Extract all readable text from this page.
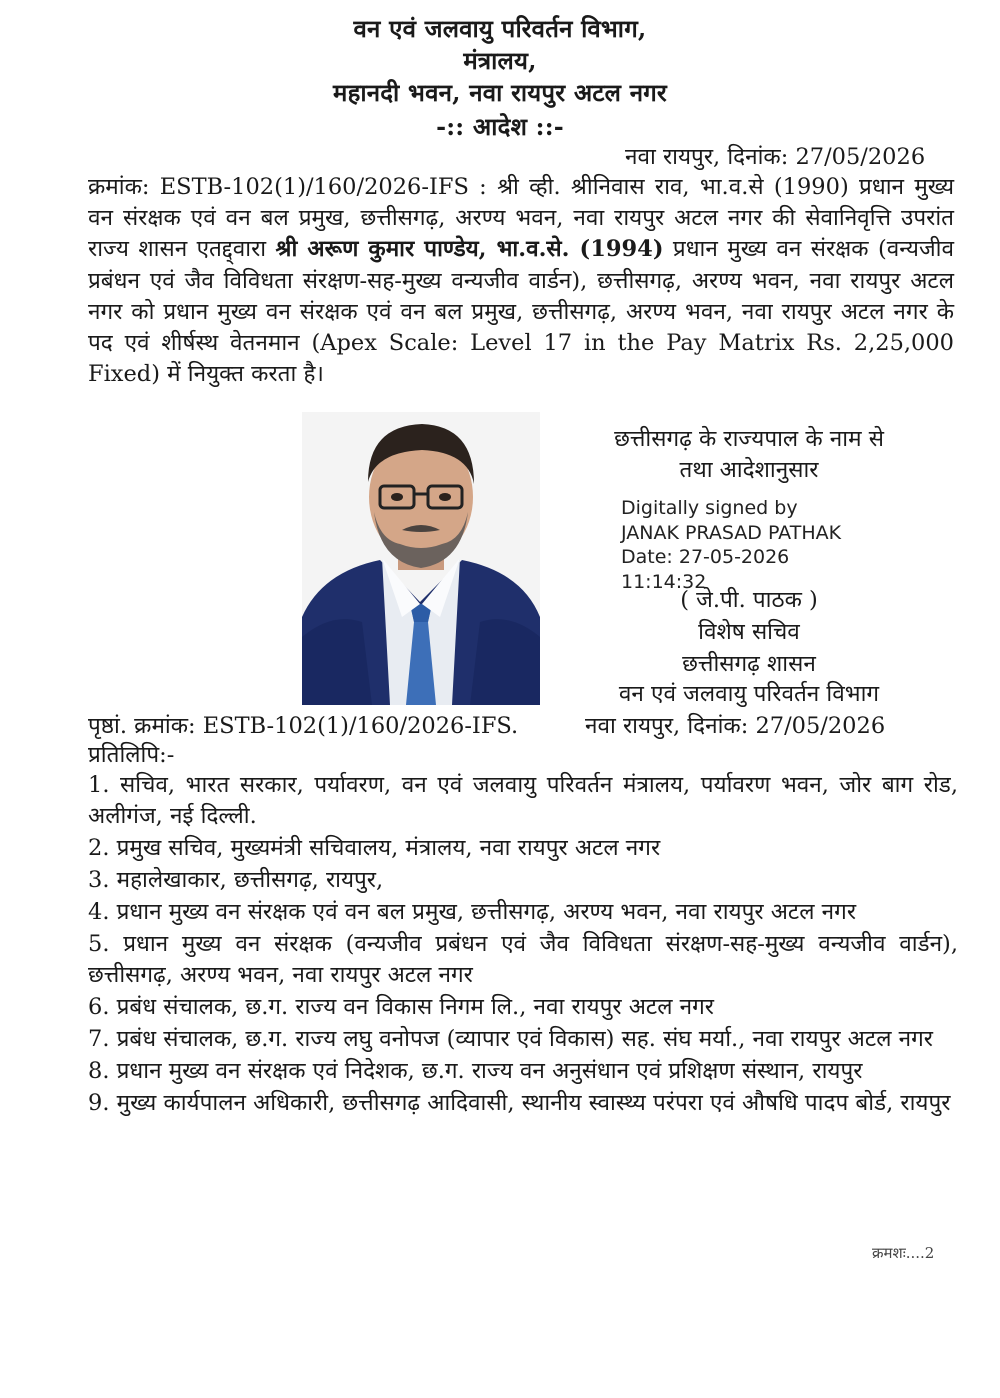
वन एवं जलवायु परिवर्तन विभाग,
मंत्रालय,
महानदी भवन, नवा रायपुर अटल नगर
-:: आदेश ::-
नवा रायपुर, दिनांक: 27/05/2026
क्रमांक: ESTB-102(1)/160/2026-IFS : श्री व्ही. श्रीनिवास राव, भा.व.से (1990) प्रधान मुख्य वन संरक्षक एवं वन बल प्रमुख, छत्तीसगढ़, अरण्य भवन, नवा रायपुर अटल नगर की सेवानिवृत्ति उपरांत राज्य शासन एतद्द्वारा श्री अरूण कुमार पाण्डेय, भा.व.से. (1994) प्रधान मुख्य वन संरक्षक (वन्यजीव प्रबंधन एवं जैव विविधता संरक्षण-सह-मुख्य वन्यजीव वार्डन), छत्तीसगढ़, अरण्य भवन, नवा रायपुर अटल नगर को प्रधान मुख्य वन संरक्षक एवं वन बल प्रमुख, छत्तीसगढ़, अरण्य भवन, नवा रायपुर अटल नगर के पद एवं शीर्षस्थ वेतनमान (Apex Scale: Level 17 in the Pay Matrix Rs. 2,25,000 Fixed) में नियुक्त करता है।
छत्तीसगढ़ के राज्यपाल के नाम से
तथा आदेशानुसार
Digitally signed by
JANAK PRASAD PATHAK
Date: 27-05-2026
11:14:32
( जे.पी. पाठक )
विशेष सचिव
छत्तीसगढ़ शासन
वन एवं जलवायु परिवर्तन विभाग
पृष्ठां. क्रमांक: ESTB-102(1)/160/2026-IFS.	नवा रायपुर, दिनांक: 27/05/2026
प्रतिलिपि:-
1. सचिव, भारत सरकार, पर्यावरण, वन एवं जलवायु परिवर्तन मंत्रालय, पर्यावरण भवन, जोर बाग रोड, अलीगंज, नई दिल्ली.
2. प्रमुख सचिव, मुख्यमंत्री सचिवालय, मंत्रालय, नवा रायपुर अटल नगर
3. महालेखाकार, छत्तीसगढ़, रायपुर,
4. प्रधान मुख्य वन संरक्षक एवं वन बल प्रमुख, छत्तीसगढ़, अरण्य भवन, नवा रायपुर अटल नगर
5. प्रधान मुख्य वन संरक्षक (वन्यजीव प्रबंधन एवं जैव विविधता संरक्षण-सह-मुख्य वन्यजीव वार्डन), छत्तीसगढ़, अरण्य भवन, नवा रायपुर अटल नगर
6. प्रबंध संचालक, छ.ग. राज्य वन विकास निगम लि., नवा रायपुर अटल नगर
7. प्रबंध संचालक, छ.ग. राज्य लघु वनोपज (व्यापार एवं विकास) सह. संघ मर्या., नवा रायपुर अटल नगर
8. प्रधान मुख्य वन संरक्षक एवं निदेशक, छ.ग. राज्य वन अनुसंधान एवं प्रशिक्षण संस्थान, रायपुर
9. मुख्य कार्यपालन अधिकारी, छत्तीसगढ़ आदिवासी, स्थानीय स्वास्थ्य परंपरा एवं औषधि पादप बोर्ड, रायपुर
क्रमशः....2
